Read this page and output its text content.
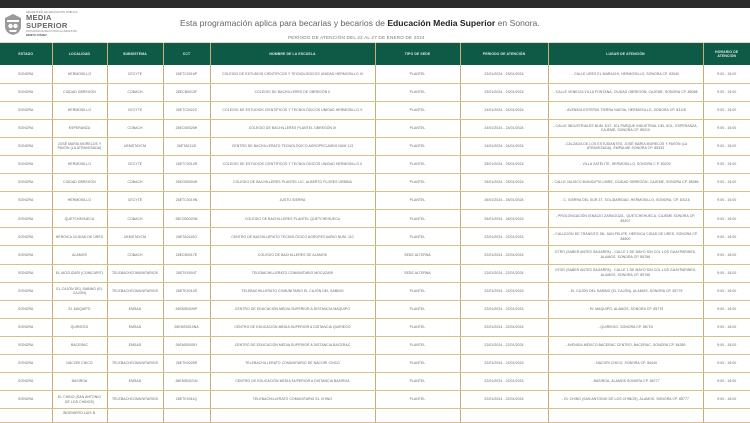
SECRETARÍA DE EDUCACIÓN PÚBLICA
MEDIA
SUPERIOR
PROGRAMA DE BECAS PARA EL BIENESTAR
BENITO JUÁREZ
Esta programación aplica para becarias y becarios de Educación Media Superior en Sonora.
PERÍODO DE ATENCIÓN DEL 22 AL 27 DE ENERO DE 2024
ESTADO	LOCALIDAD	SUBSISTEMA	CCT	NOMBRE DE LA ESCUELA	TIPO DE SEDE	PERIODO DE ATENCIÓN	LUGAR DE ATENCIÓN	HORARIO DE ATENCIÓN
SONORA	HERMOSILLO	CECYTE	26ETC0016P	COLEGIO DE ESTUDIOS CIENTÍFICOS Y TECNOLÓGICOS UNIDAD HERMOSILLO III	PLANTEL	23/01/2024 - 23/01/2024	- CALLE URES EL MARACHI, HERMOSILLO, SONORA CP. 83040	9:00 - 15:00
SONORA	CIUDAD OBREGÓN	COBACH	26ECB0013F	COLEGIO DE BACHILLERES DE OBREGÓN II	PLANTEL	23/01/2024 - 23/01/2024	- CALLE VENECIA VILLA FONTANA, CIUDAD OBREGÓN, CAJEME, SONORA CP. 85088	9:00 - 15:00
SONORA	HERMOSILLO	CECYTE	26ETC0022Z	COLEGIO DE ESTUDIOS CIENTÍFICOS Y TECNOLÓGICOS UNIDAD HERMOSILLO V	PLANTEL	24/01/2024 - 24/01/2024	- AVENIDA ESTEPAS TIERRA NUEVA, HERMOSILLO, SONORA CP. 83118	9:00 - 15:00
SONORA	ESPERANZA	COBACH	26ECB0025H	COLEGIO DE BACHILLERES PLANTEL OBREGÓN III	PLANTEL	24/01/2024 - 24/01/2024	- CALLE INDUSTRIALES NUM. EXT. 301 PARQUE INDUSTRIAL DEL SOL, ESPERANZA, CAJEME, SONORA CP. 85210	9:00 - 15:00
SONORA	JOSÉ MARÍA MORELOS Y PAVÓN (LA ATRAVESADA)	UEMSTAYCM	26ETA0113I	CENTRO DE BACHILLERATO TECNOLÓGICO AGROPECUARIO NUM 113	PLANTEL	24/01/2024 - 24/01/2024	- CALZADA DE LOS ESTUDIANTES, JOSÉ MARÍA MORELOS Y PAVÓN (LA ATRAVESADA), EMPALME SONORA CP. 85333	9:00 - 15:00
SONORA	HERMOSILLO	CECYTE	26ETC0014R	COLEGIO DE ESTUDIOS CIENTÍFICOS Y TECNOLÓGICOS UNIDAD HERMOSILLO II	PLANTEL	25/01/2024 - 25/01/2024	- VILLA SATÉLITE, HERMOSILLO, SONORA C.P. 83200	9:00 - 15:00
SONORA	CIUDAD OBREGÓN	COBACH	26ECB0004H	COLEGIO DE BACHILLERES PLANTEL LIC. ALBERTO FLORES URBINA	PLANTEL	25/01/2024 - 25/01/2024	- CALLE JALISCO MUNICIPIO LIBRE, CIUDAD OBREGÓN, CAJEME, SONORA CP. 85080	9:00 - 15:00
SONORA	HERMOSILLO	CECYTE	26ETC0019N	JUSTO SIERRA	PLANTEL	26/01/2024 - 26/01/2024	- C. SIERRA DEL SUR 37, SOLIDARIDAD, HERMOSILLO, SONORA, CP. 83116	9:00 - 15:00
SONORA	QUETCHEHUECA	COBACH	26ECB0020M	COLEGIO DE BACHILLERES PLANTEL QUETCHEHUECA	PLANTEL	26/01/2024 - 26/01/2024	- PROLONGACIÓN IGNACIO ZARAGOZA , QUETCHEHUECA, CAJEME SONORA CP. 85207	9:00 - 15:00
SONORA	HEROICA CIUDAD DE URES	UEMSTAYCM	26ETA0110O	CENTRO DE BACHILLERATO TECNOLÓGICO AGROPECUARIO NUM. 110	PLANTEL	22/01/2024 - 22/01/2024	- CALLEJÓN DE TRÁNSITO SN, SAN FELIPE, HEROICA CIDAD DE URES, SONORA CP. 84800	9:00 - 15:00
SONORA	ALAMOS	COBACH	26ECB0017E	COLEGIO DE BACHILLERES DE ALAMOS	SEDE ALTERNA	22/01/2024 - 22/01/2024	OTRO (SABER ANTES SAGARPA) - CALLE 1 DE MAYO S/N COL LOS GUAYPARINES, ALAMOS, SONORA CP. 85766	9:00 - 15:00
SONORA	EL MOCUZARI (CONICARIT)	TELEBACHCOMUNITARIOS	26ETK0004T	TELEBACHILLERATO COMUNITARIO MOCUZARI	SEDE ALTERNA	22/01/2024 - 22/01/2024	OTOR (SABER ANTES SAGARPA) - CALLE 1 DE MAYO S/N COL LOS GUAYPARINES, ALAMOS, SONORA CP. 85766	9:00 - 15:00
SONORA	EL CAJÓN DEL SABINO (EL CAJÓN)	TELEBACHCOMUNITARIOS	26ETK0010S	TELEBACHILLERATO COMUNITARIO EL CAJÓN DEL SABINO	PLANTEL	22/01/2024 - 22/01/2024	- EL CAJÓN DEL SABINO (EL CAJÓN), ALAMOS, SONORA CP. 85775	9:00 - 15:00
SONORA	EL MAQUIPO	EMSAD	26EMS0026P	CENTRO DE EDUCACIÓN MEDIA SUPERIOR A DISTANCIA MAQUIPO	PLANTEL	22/01/2024 - 22/01/2024	- EL MAQUIPO, ALAMOS, SONORA CP. 85775	9:00 - 15:00
SONORA	QUIRIEGO	EMSAD	26EMS0010NA	CENTRO DE EDUCACIÓN MEDIA SUPERIOR A DISTANCIA QUIRIEGO	PLANTEL	22/01/2024 - 22/01/2024	- QUIRIEGO, SONORA CP. 85720	9:00 - 15:00
SONORA	BACERAC	EMSAD	26EMS0008Y	CENTRO DE EDUCACIÓN MEDIA SUPERIOR A DISTANCIA BACERAC	PLANTEL	22/01/2024 - 22/01/2024	- AVENIDA MÉXICO BACERAC CENTRO, BACERAC, SONORA CP. 84380	9:00 - 15:00
SONORA	NÁCORI CHICO	TELEBACHCOMUNITARIOS	26ETK0026R	TELEBACHILLERATO COMUNITARIO DE NÁCORI CHICO	PLANTEL	22/01/2024 - 22/01/2024	- NÁCORI CHICO, SONORA CP. 84440	9:00 - 15:00
SONORA	BASIROA	EMSAD	26EMS0021N	CENTRO DE EDUCACIÓN MEDIA SUPERIOR A DISTANCIA BASIROA	PLANTEL	22/01/2024 - 22/01/2024	- BASIROA, ALAMOS SONORA CP. 85777	9:00 - 15:00
SONORA	EL CHINO (SAN ANTONIO DE LOS CHINOS)	TELEBACHCOMUNITARIOS	26ETK0011Q	TELEBACHILLERATO COMUNITARIO EL CHINO	PLANTEL	22/01/2024 - 22/01/2024	- EL CHINO (SAN ANTONIO DE LOS CHINOS), ALAMOS, SONORA CP. 85777	9:00 - 15:00
	INGENIERO LUIS B.							
